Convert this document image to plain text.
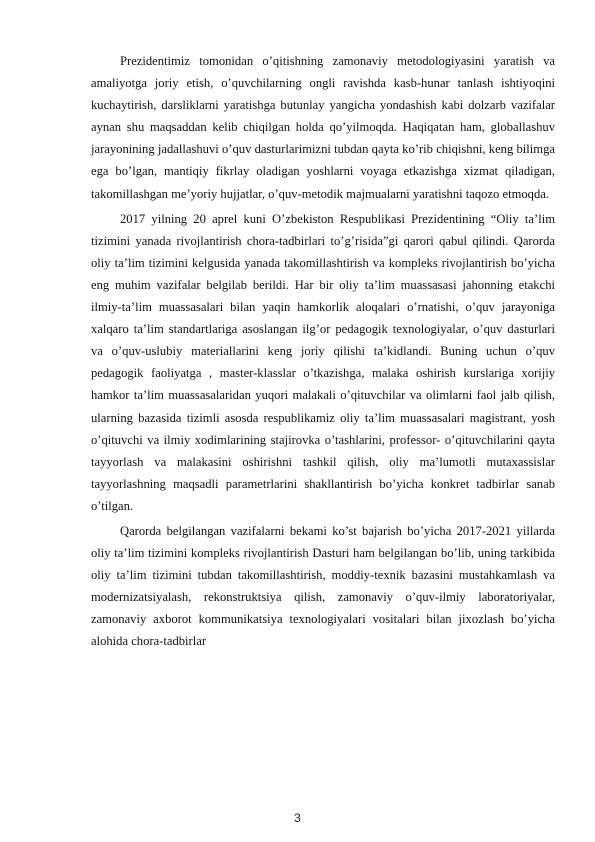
Prezidentimiz tomonidan o’qitishning zamonaviy metodologiyasini yaratish va amaliyotga joriy etish, o’quvchilarning ongli ravishda kasb-hunar tanlash ishtiyoqini kuchaytirish, darsliklarni yaratishga butunlay yangicha yondashish kabi dolzarb vazifalar aynan shu maqsaddan kelib chiqilgan holda qo’yilmoqda. Haqiqatan ham, globallashuv jarayonining jadallashuvi o’quv dasturlarimizni tubdan qayta ko’rib chiqishni, keng bilimga ega bo’lgan, mantiqiy fikrlay oladigan yoshlarni voyaga etkazishga xizmat qiladigan, takomillashgan me’yoriy hujjatlar, o’quv-metodik majmualarni yaratishni taqozo etmoqda.

2017 yilning 20 aprel kuni O’zbekiston Respublikasi Prezidentining “Oliy ta’lim tizimini yanada rivojlantirish chora-tadbirlari to’g’risida”gi qarori qabul qilindi. Qarorda oliy ta’lim tizimini kelgusida yanada takomillashtirish va kompleks rivojlantirish bo’yicha eng muhim vazifalar belgilab berildi. Har bir oliy ta’lim muassasasi jahonning etakchi ilmiy-ta’lim muassasalari bilan yaqin hamkorlik aloqalari o’rnatishi, o’quv jarayoniga xalqaro ta’lim standartlariga asoslangan ilg’or pedagogik texnologiyalar, o’quv dasturlari va o’quv-uslubiy materiallarini keng joriy qilishi ta’kidlandi. Buning uchun o’quv pedagogik faoliyatga , master-klasslar o’tkazishga, malaka oshirish kurslariga xorijiy hamkor ta’lim muassasalaridan yuqori malakali o’qituvchilar va olimlarni faol jalb qilish, ularning bazasida tizimli asosda respublikamiz oliy ta’lim muassasalari magistrant, yosh o’qituvchi va ilmiy xodimlarining stajirovka o’tashlarini, professor- o’qituvchilarini qayta tayyorlash va malakasini oshirishni tashkil qilish, oliy ma’lumotli mutaxassislar tayyorlashning maqsadli parametrlarini shakllantirish bo’yicha konkret tadbirlar sanab o’tilgan.

Qarorda belgilangan vazifalarni bekami ko’st bajarish bo’yicha 2017-2021 yillarda oliy ta’lim tizimini kompleks rivojlantirish Dasturi ham belgilangan bo’lib, uning tarkibida oliy ta’lim tizimini tubdan takomillashtirish, moddiy-texnik bazasini mustahkamlash va modernizatsiyalash, rekonstruktsiya qilish, zamonaviy o’quv-ilmiy laboratoriyalar, zamonaviy axborot kommunikatsiya texnologiyalari vositalari bilan jixozlash bo’yicha alohida chora-tadbirlar

3
